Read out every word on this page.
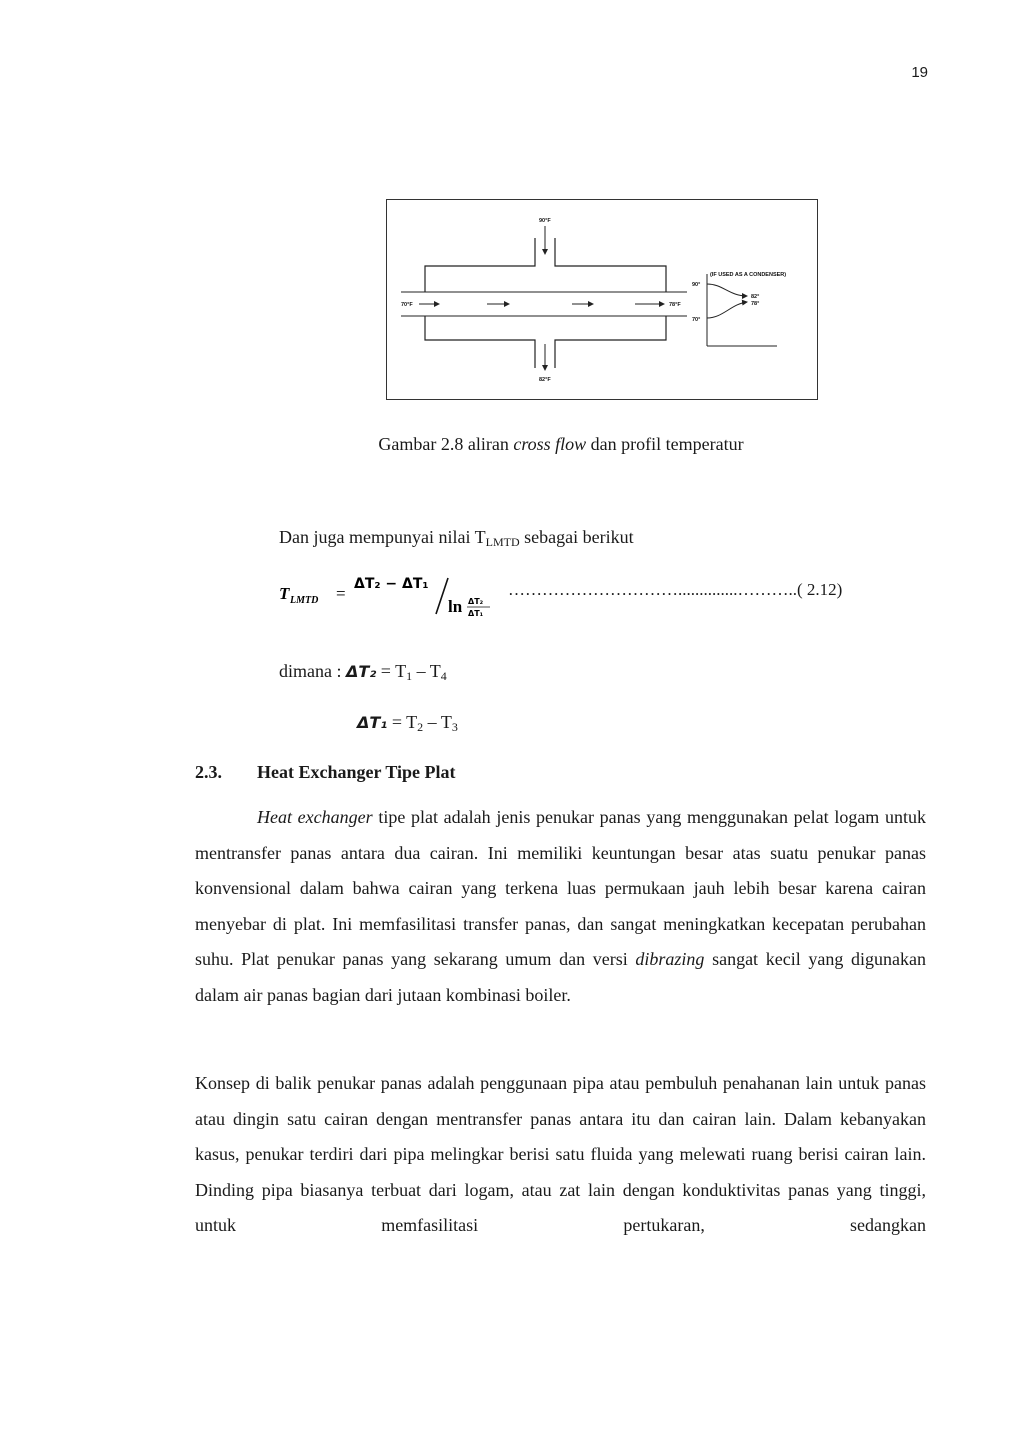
19
90°F
82°F
70°F	78°F
(IF USED AS A CONDENSER)
90°
70°
82°
78°
Gambar 2.8 aliran cross flow dan profil temperatur
Dan juga mempunyai nilai $T_{LMTD}$ sebagai berikut
T LMTD = ΔT₂ − ΔT₁
ln ΔT₂
ΔT₁
…………………………..............………..( 2.12)
dimana : $\Delta T_2 = T_1 - T_4$
$\Delta T_1 = T_2 - T_3$
2.3. Heat Exchanger Tipe Plat

Heat exchanger tipe plat adalah jenis penukar panas yang menggunakan pelat logam untuk mentransfer panas antara dua cairan. Ini memiliki keuntungan besar atas suatu penukar panas konvensional dalam bahwa cairan yang terkena luas permukaan jauh lebih besar karena cairan menyebar di plat. Ini memfasilitasi transfer panas, dan sangat meningkatkan kecepatan perubahan suhu. Plat penukar panas yang sekarang umum dan versi dibrazing sangat kecil yang digunakan dalam air panas bagian dari jutaan kombinasi boiler.

Konsep di balik penukar panas adalah penggunaan pipa atau pembuluh penahanan lain untuk panas atau dingin satu cairan dengan mentransfer panas antara itu dan cairan lain. Dalam kebanyakan kasus, penukar terdiri dari pipa melingkar berisi satu fluida yang melewati ruang berisi cairan lain. Dinding pipa biasanya terbuat dari logam, atau zat lain dengan konduktivitas panas yang tinggi, untuk memfasilitasi pertukaran, sedangkan
